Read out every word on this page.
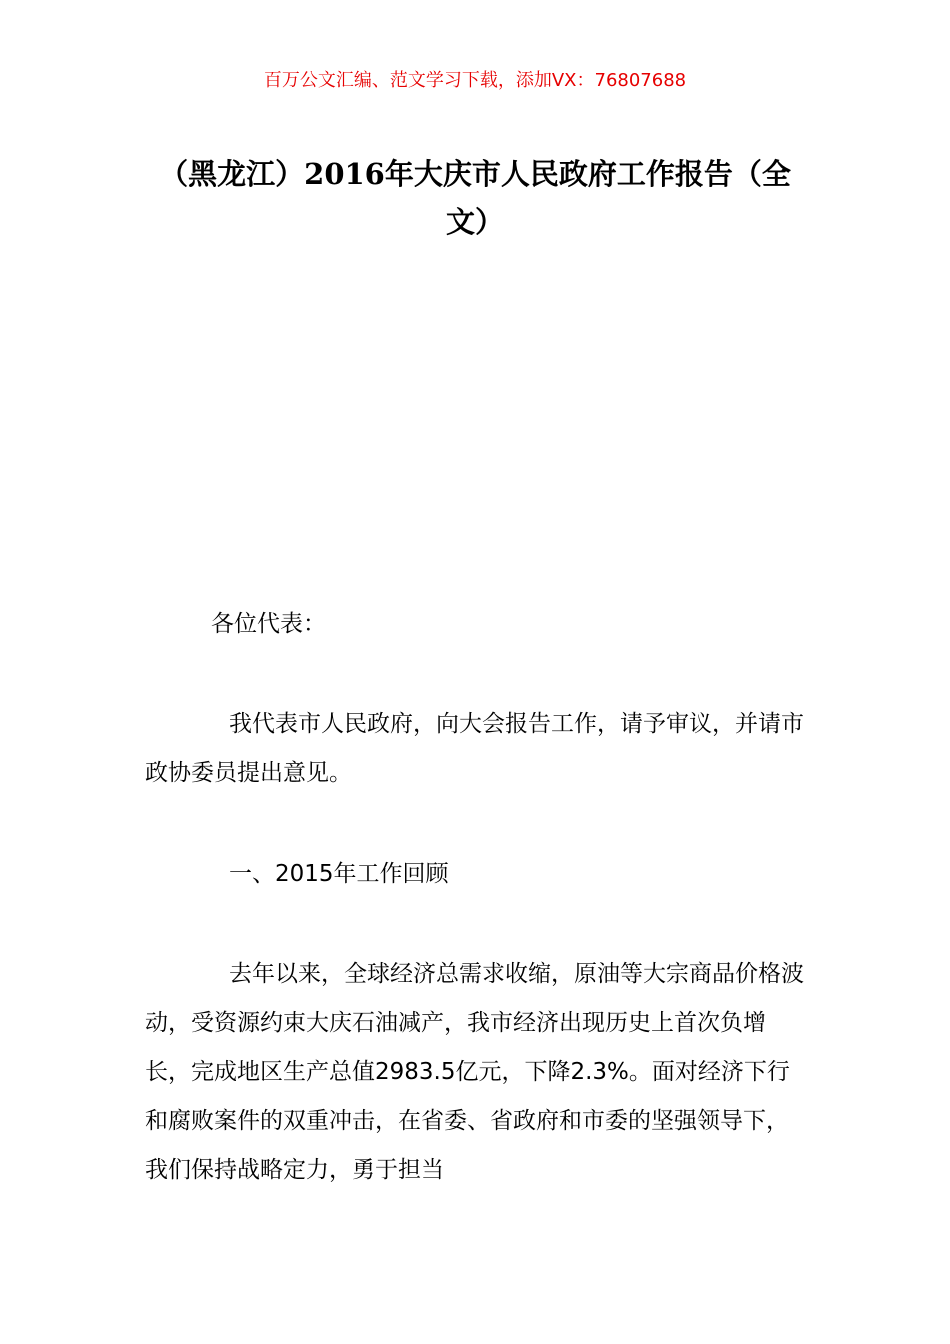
百万公文汇编、范文学习下载，添加VX：76807688
（黑龙江）2016年大庆市人民政府工作报告（全文）

各位代表：

我代表市人民政府，向大会报告工作，请予审议，并请市政协委员提出意见。

一、2015年工作回顾

去年以来，全球经济总需求收缩，原油等大宗商品价格波动，受资源约束大庆石油减产，我市经济出现历史上首次负增长，完成地区生产总值2983.5亿元，下降2.3%。面对经济下行和腐败案件的双重冲击，在省委、省政府和市委的坚强领导下，我们保持战略定力，勇于担当
